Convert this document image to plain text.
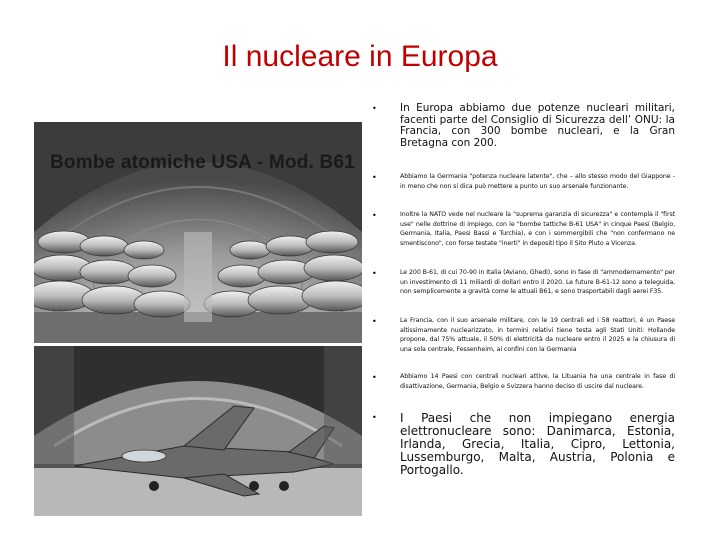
Il nucleare in Europa
Bombe atomiche USA - Mod. B61
• In Europa abbiamo due potenze nucleari militari, facenti parte del Consiglio di Sicurezza dell’ ONU: la Francia, con 300 bombe nucleari, e la Gran Bretagna con 200.
•	Abbiamo la Germania "potenza nucleare latente", che – allo stesso modo del Giappone - in meno che non si dica può mettere a punto un suo arsenale funzionante.
•	Inoltre la NATO vede nel nucleare la "suprema garanzia di sicurezza" e contempla il "first use" nelle dottrine di impiego, con le "bombe tattiche B-61 USA" in cinque Paesi (Belgio, Germania, Italia, Paesi Bassi e Turchia), e con i sommergibili che "non confermano ne smentiscono", con forse testate "inerti" in depositi tipo il Sito Pluto a Vicenza.
•	Le 200 B-61, di cui 70-90 in Italia (Aviano, Ghedi), sono in fase di "ammodernamento" per un investimento di 11 miliardi di dollari entro il 2020. Le future B-61-12 sono a teleguida, non semplicemente a gravità come le attuali B61, e sono trasportabili dagli aerei F35.
•	La Francia, con il suo arsenale militare, con le 19 centrali ed i 58 reattori, è un Paese altissimamente nuclearizzato, in termini relativi tiene testa agli Stati Uniti: Hollande propone, dal 75% attuale, il 50% di elettricità da nucleare entro il 2025 e la chiusura di una sola centrale, Fessenheim, ai confini con la Germania
•	Abbiamo 14 Paesi con centrali nucleari attive, la Lituania ha una centrale in fase di disattivazione, Germania, Belgio e Svizzera hanno deciso di uscire dal nucleare.
• I Paesi che non impiegano energia elettronucleare sono: Danimarca, Estonia, Irlanda, Grecia, Italia, Cipro, Lettonia, Lussemburgo, Malta, Austria, Polonia e Portogallo.
